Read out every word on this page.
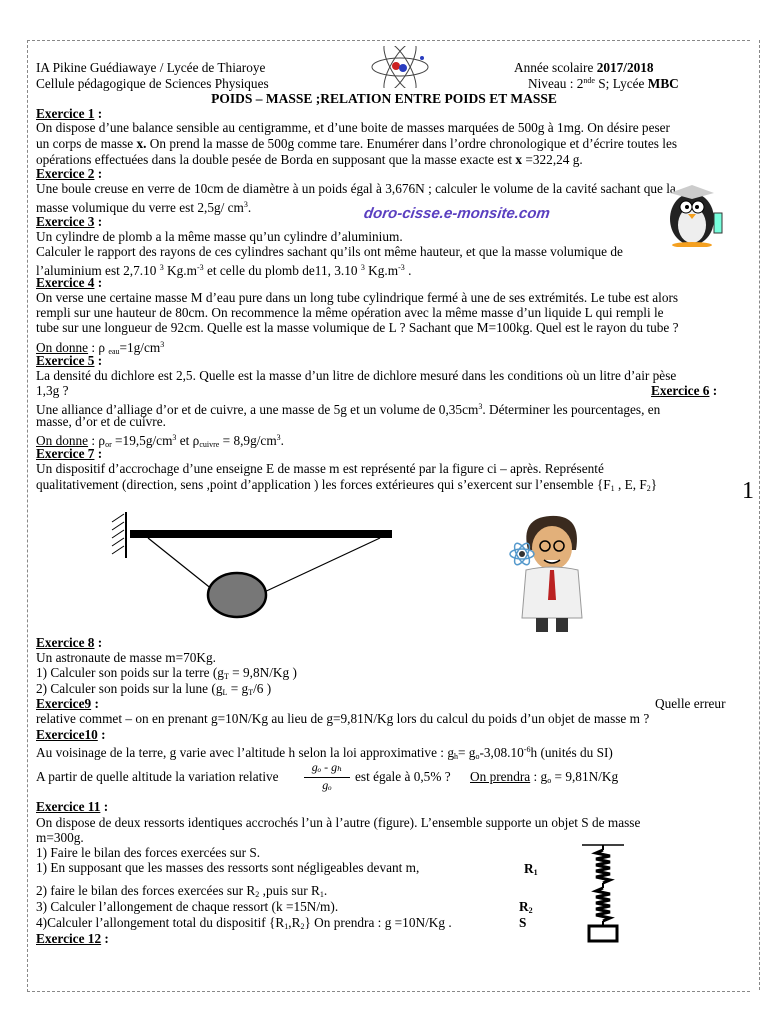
IA Pikine Guédiawaye / Lycée de Thiaroye
Cellule pédagogique de Sciences Physiques
Année scolaire 2017/2018
Niveau : 2nde S; Lycée MBC
POIDS – MASSE ;RELATION ENTRE POIDS ET MASSE
Exercice 1 :
On dispose d’une balance sensible au centigramme, et d’une boite de masses marquées de 500g à 1mg. On désire peser
un corps de masse x. On prend la masse de 500g comme tare. Enumérer dans l’ordre chronologique et d’écrire toutes les
opérations effectuées dans la double pesée de Borda en supposant que la masse exacte est x =322,24 g.
Exercice 2 :
Une boule creuse en verre de 10cm de diamètre à un poids égal à 3,676N ; calculer le volume de la cavité sachant que la
masse volumique du verre est 2,5g/ $cm^3$.	doro-cisse.e-monsite.com
Exercice 3 :
Un cylindre de plomb a la même masse qu’un cylindre d’aluminium.
Calculer le rapport des rayons de ces cylindres sachant qu’ils ont même hauteur, et que la masse volumique de
l’aluminium est 2,7.10 $^3$ $Kg.m^{-3}$ et celle du plomb de11, 3.10 $^3$ $Kg.m^{-3}$ .
Exercice 4 :
On verse une certaine masse M d’eau pure dans un long tube cylindrique fermé à une de ses extrémités. Le tube est alors
rempli sur une hauteur de 80cm. On recommence la même opération avec la même masse d’un liquide L qui rempli le
tube sur une longueur de 92cm. Quelle est la masse volumique de L ? Sachant que M=100kg. Quel est le rayon du tube ?
On donne : ρ $_{eau}=1g/cm^3$
Exercice 5 :
La densité du dichlore est 2,5. Quelle est la masse d’un litre de dichlore mesuré dans les conditions où un litre d’air pèse
1,3g ?	Exercice 6 :
Une alliance d’alliage d’or et de cuivre, a une masse de 5g et un volume de $0,35cm^3$. Déterminer les pourcentages, en
masse, d’or et de cuivre.
On donne : $\rho_{or} =19,5g/cm^3$ et $\rho_{cuivre} = 8,9g/cm^3$.
Exercice 7 :
Un dispositif d’accrochage d’une enseigne E de masse m est représenté par la figure ci – après. Représenté
qualitativement (direction, sens ,point d’application ) les forces extérieures qui s’exercent sur l’ensemble {$F_1$ , E, $F_2$}	1
Exercice 8 :
Un astronaute de masse m=70Kg.
1) Calculer son poids sur la terre ($g_T = 9,8N/Kg$ )
2) Calculer son poids sur la lune ($g_L = g_T/6$ )
Exercice9 :	Quelle erreur
relative commet – on en prenant g=10N/Kg au lieu de g=9,81N/Kg lors du calcul du poids d’un objet de masse m ?
Exercice10 :
Au voisinage de la terre, g varie avec l’altitude h selon la loi approximative : $g_h= g_o-3,08.10^{-6}h$ (unités du SI)
A partir de quelle altitude la variation relative $\frac{\text{gₒ - gₕ}}{\text{gₒ}}$ est égale à 0,5% ? On prendra : $g_o = 9,81N/Kg$
Exercice 11 :
On dispose de deux ressorts identiques accrochés l’un à l’autre (figure). L’ensemble supporte un objet S de masse
m=300g.
1) Faire le bilan des forces exercées sur S.
1) En supposant que les masses des ressorts sont négligeables devant m,
2) faire le bilan des forces exercées sur $R_2$ ,puis sur $R_1$.
3) Calculer l’allongement de chaque ressort (k =15N/m).
4)Calculer l’allongement total du dispositif $\{R_1,R_2\}$ On prendra : g =10N/Kg .
$R_1$
$R_2$
S
Exercice 12 :
